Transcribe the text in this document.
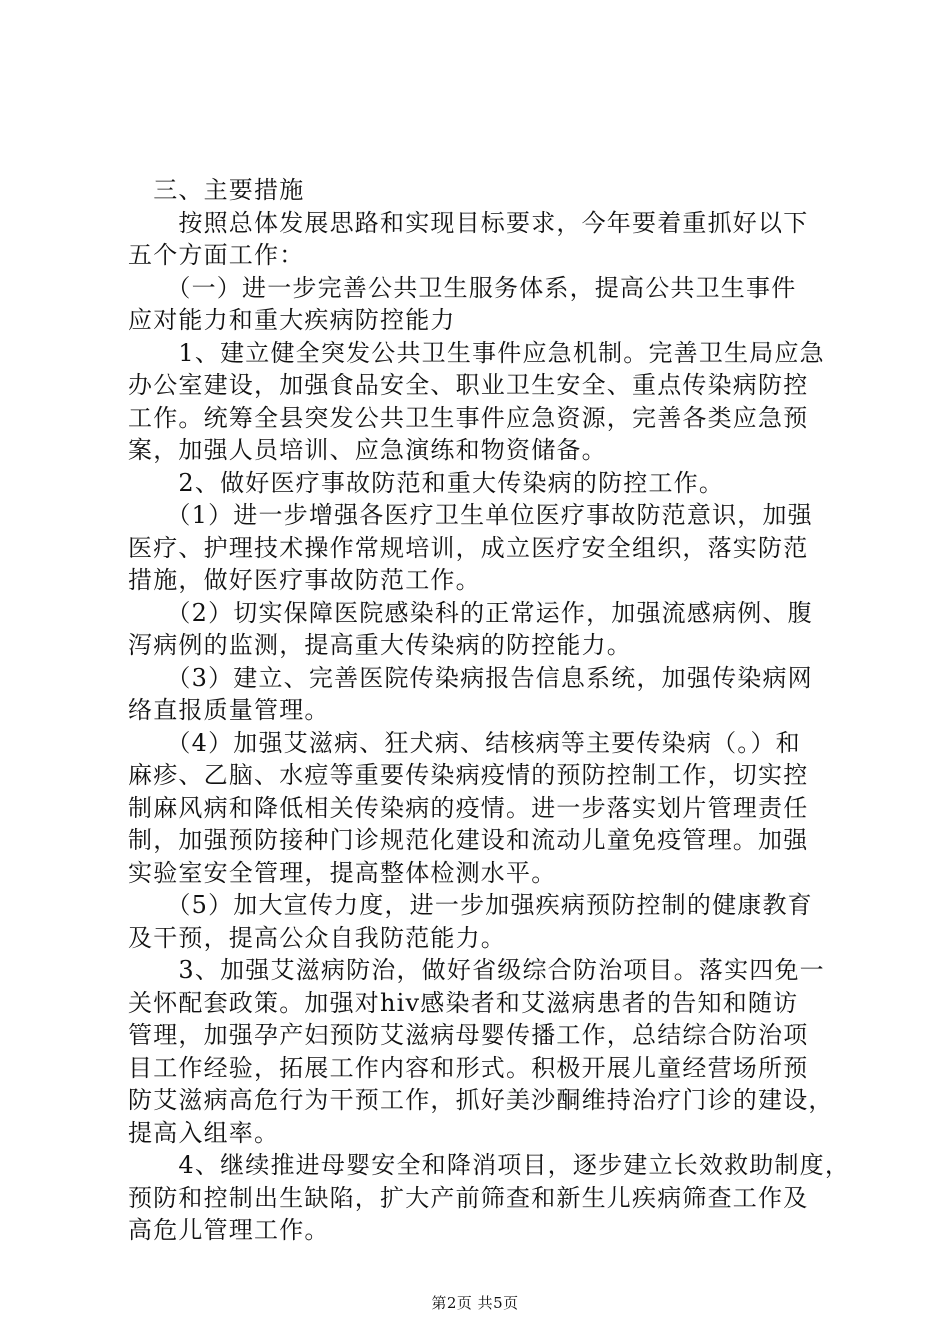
　三、主要措施
　　按照总体发展思路和实现目标要求，今年要着重抓好以下
五个方面工作：
　　（一）进一步完善公共卫生服务体系，提高公共卫生事件
应对能力和重大疾病防控能力
　　1、建立健全突发公共卫生事件应急机制。完善卫生局应急
办公室建设，加强食品安全、职业卫生安全、重点传染病防控
工作。统筹全县突发公共卫生事件应急资源，完善各类应急预
案，加强人员培训、应急演练和物资储备。
　　2、做好医疗事故防范和重大传染病的防控工作。
　　（1）进一步增强各医疗卫生单位医疗事故防范意识，加强
医疗、护理技术操作常规培训，成立医疗安全组织，落实防范
措施，做好医疗事故防范工作。
　　（2）切实保障医院感染科的正常运作，加强流感病例、腹
泻病例的监测，提高重大传染病的防控能力。
　　（3）建立、完善医院传染病报告信息系统，加强传染病网
络直报质量管理。
　　（4）加强艾滋病、狂犬病、结核病等主要传染病（。）和
麻疹、乙脑、水痘等重要传染病疫情的预防控制工作，切实控
制麻风病和降低相关传染病的疫情。进一步落实划片管理责任
制，加强预防接种门诊规范化建设和流动儿童免疫管理。加强
实验室安全管理，提高整体检测水平。
　　（5）加大宣传力度，进一步加强疾病预防控制的健康教育
及干预，提高公众自我防范能力。
　　3、加强艾滋病防治，做好省级综合防治项目。落实四免一
关怀配套政策。加强对hiv感染者和艾滋病患者的告知和随访
管理，加强孕产妇预防艾滋病母婴传播工作，总结综合防治项
目工作经验，拓展工作内容和形式。积极开展儿童经营场所预
防艾滋病高危行为干预工作，抓好美沙酮维持治疗门诊的建设，
提高入组率。
　　4、继续推进母婴安全和降消项目，逐步建立长效救助制度，
预防和控制出生缺陷，扩大产前筛查和新生儿疾病筛查工作及
高危儿管理工作。
第2页 共5页
